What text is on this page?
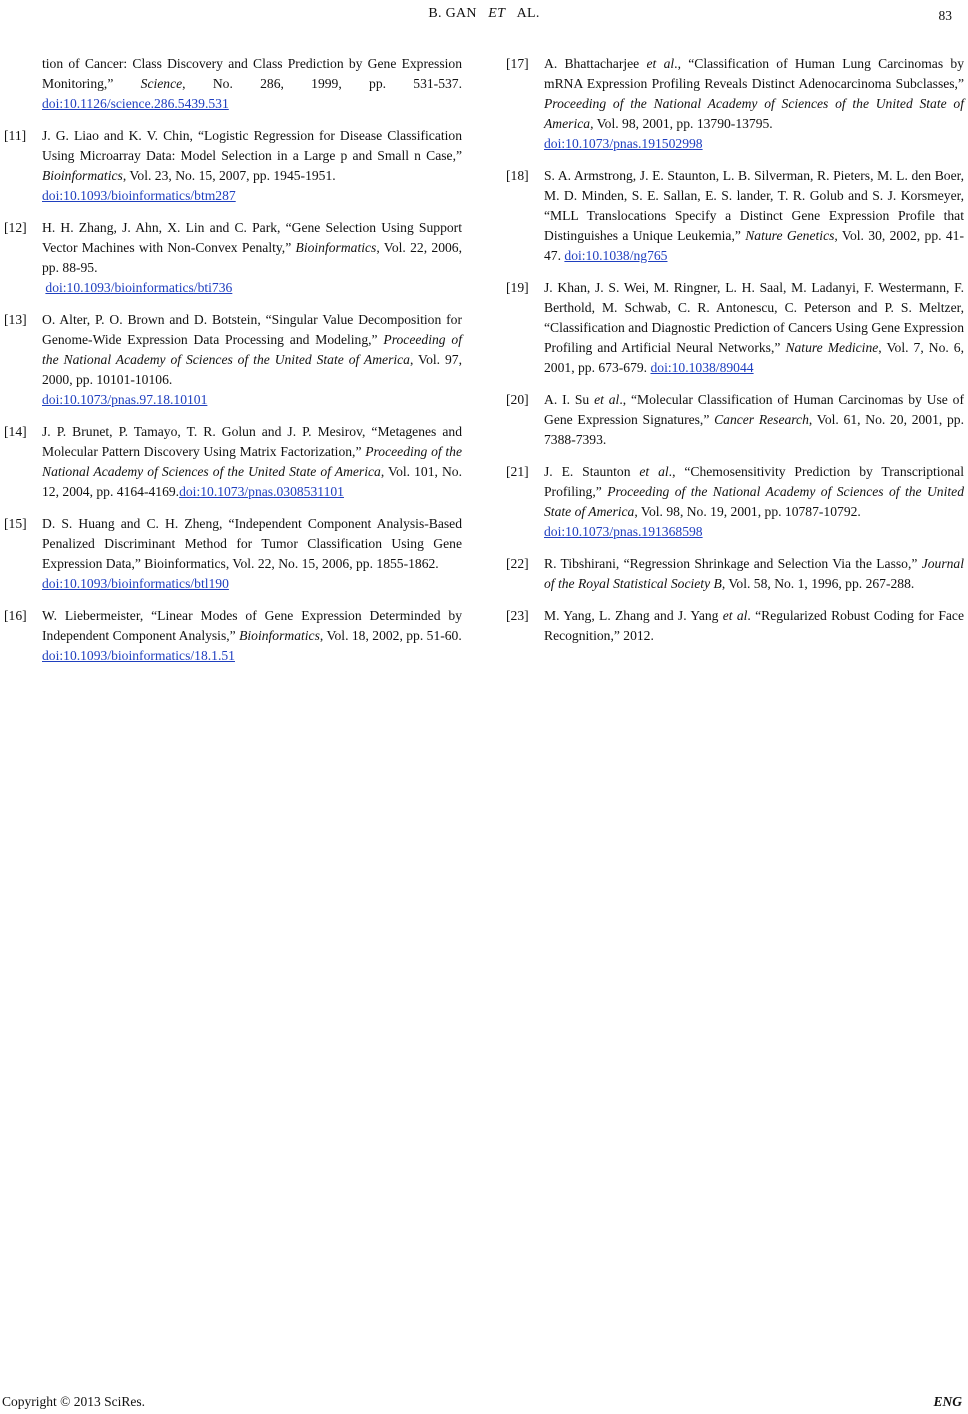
B. GAN ET AL.	83

tion of Cancer: Class Discovery and Class Prediction by Gene Expression Monitoring,” Science, No. 286, 1999, pp. 531-537. doi:10.1126/science.286.5439.531

[11] J. G. Liao and K. V. Chin, “Logistic Regression for Disease Classification Using Microarray Data: Model Selection in a Large p and Small n Case,” Bioinformatics, Vol. 23, No. 15, 2007, pp. 1945-1951.
doi:10.1093/bioinformatics/btm287
[12] H. H. Zhang, J. Ahn, X. Lin and C. Park, “Gene Selection Using Support Vector Machines with Non-Convex Penalty,” Bioinformatics, Vol. 22, 2006, pp. 88-95.
doi:10.1093/bioinformatics/bti736
[13] O. Alter, P. O. Brown and D. Botstein, “Singular Value Decomposition for Genome-Wide Expression Data Processing and Modeling,” Proceeding of the National Academy of Sciences of the United State of America, Vol. 97, 2000, pp. 10101-10106.
doi:10.1073/pnas.97.18.10101
[14] J. P. Brunet, P. Tamayo, T. R. Golun and J. P. Mesirov, “Metagenes and Molecular Pattern Discovery Using Matrix Factorization,” Proceeding of the National Academy of Sciences of the United State of America, Vol. 101, No. 12, 2004, pp. 4164-4169.doi:10.1073/pnas.0308531101
[15] D. S. Huang and C. H. Zheng, “Independent Component Analysis-Based Penalized Discriminant Method for Tumor Classification Using Gene Expression Data,” Bioinformatics, Vol. 22, No. 15, 2006, pp. 1855-1862.
doi:10.1093/bioinformatics/btl190
[16] W. Liebermeister, “Linear Modes of Gene Expression Determinded by Independent Component Analysis,” Bioinformatics, Vol. 18, 2002, pp. 51-60.
doi:10.1093/bioinformatics/18.1.51
[17] A. Bhattacharjee et al., “Classification of Human Lung Carcinomas by mRNA Expression Profiling Reveals Distinct Adenocarcinoma Subclasses,” Proceeding of the National Academy of Sciences of the United State of America, Vol. 98, 2001, pp. 13790-13795.
doi:10.1073/pnas.191502998
[18] S. A. Armstrong, J. E. Staunton, L. B. Silverman, R. Pieters, M. L. den Boer, M. D. Minden, S. E. Sallan, E. S. lander, T. R. Golub and S. J. Korsmeyer, “MLL Translocations Specify a Distinct Gene Expression Profile that Distinguishes a Unique Leukemia,” Nature Genetics, Vol. 30, 2002, pp. 41-47. doi:10.1038/ng765
[19] J. Khan, J. S. Wei, M. Ringner, L. H. Saal, M. Ladanyi, F. Westermann, F. Berthold, M. Schwab, C. R. Antonescu, C. Peterson and P. S. Meltzer, “Classification and Diagnostic Prediction of Cancers Using Gene Expression Profiling and Artificial Neural Networks,” Nature Medicine, Vol. 7, No. 6, 2001, pp. 673-679. doi:10.1038/89044
[20] A. I. Su et al., “Molecular Classification of Human Carcinomas by Use of Gene Expression Signatures,” Cancer Research, Vol. 61, No. 20, 2001, pp. 7388-7393.
[21] J. E. Staunton et al., “Chemosensitivity Prediction by Transcriptional Profiling,” Proceeding of the National Academy of Sciences of the United State of America, Vol. 98, No. 19, 2001, pp. 10787-10792.
doi:10.1073/pnas.191368598
[22] R. Tibshirani, “Regression Shrinkage and Selection Via the Lasso,” Journal of the Royal Statistical Society B, Vol. 58, No. 1, 1996, pp. 267-288.
[23] M. Yang, L. Zhang and J. Yang et al. “Regularized Robust Coding for Face Recognition,” 2012.
Copyright © 2013 SciRes.	ENG
